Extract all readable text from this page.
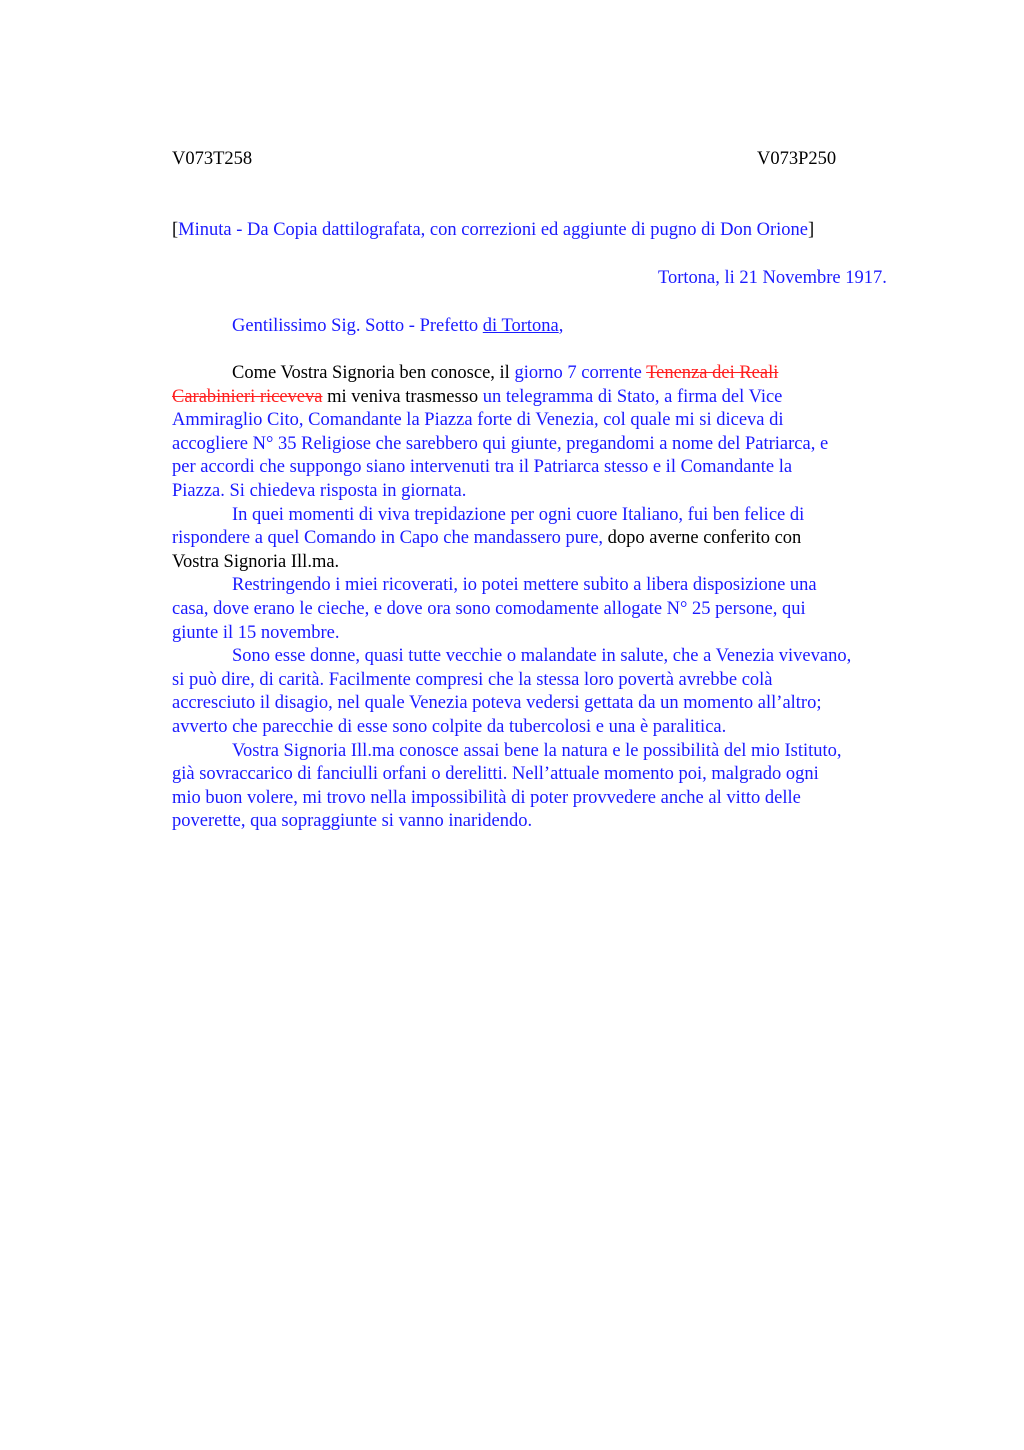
V073T258	V073P250
[Minuta - Da Copia dattilografata, con correzioni ed aggiunte di pugno di Don Orione]
Tortona, li 21 Novembre 1917.
Gentilissimo Sig. Sotto - Prefetto di Tortona,

Come Vostra Signoria ben conosce, il giorno 7 corrente Tenenza dei Reali
Carabinieri riceveva mi veniva trasmesso un telegramma di Stato, a firma del Vice
Ammiraglio Cito, Comandante la Piazza forte di Venezia, col quale mi si diceva di
accogliere N° 35 Religiose che sarebbero qui giunte, pregandomi a nome del Patriarca, e
per accordi che suppongo siano intervenuti tra il Patriarca stesso e il Comandante la
Piazza. Si chiedeva risposta in giornata.

In quei momenti di viva trepidazione per ogni cuore Italiano, fui ben felice di
rispondere a quel Comando in Capo che mandassero pure, dopo averne conferito con
Vostra Signoria Ill.ma.

Restringendo i miei ricoverati, io potei mettere subito a libera disposizione una
casa, dove erano le cieche, e dove ora sono comodamente allogate N° 25 persone, qui
giunte il 15 novembre.

Sono esse donne, quasi tutte vecchie o malandate in salute, che a Venezia vivevano,
si può dire, di carità. Facilmente compresi che la stessa loro povertà avrebbe colà
accresciuto il disagio, nel quale Venezia poteva vedersi gettata da un momento all’altro;
avverto che parecchie di esse sono colpite da tubercolosi e una è paralitica.

Vostra Signoria Ill.ma conosce assai bene la natura e le possibilità del mio Istituto,
già sovraccarico di fanciulli orfani o derelitti. Nell’attuale momento poi, malgrado ogni
mio buon volere, mi trovo nella impossibilità di poter provvedere anche al vitto delle
poverette, qua sopraggiunte si vanno inaridendo.
